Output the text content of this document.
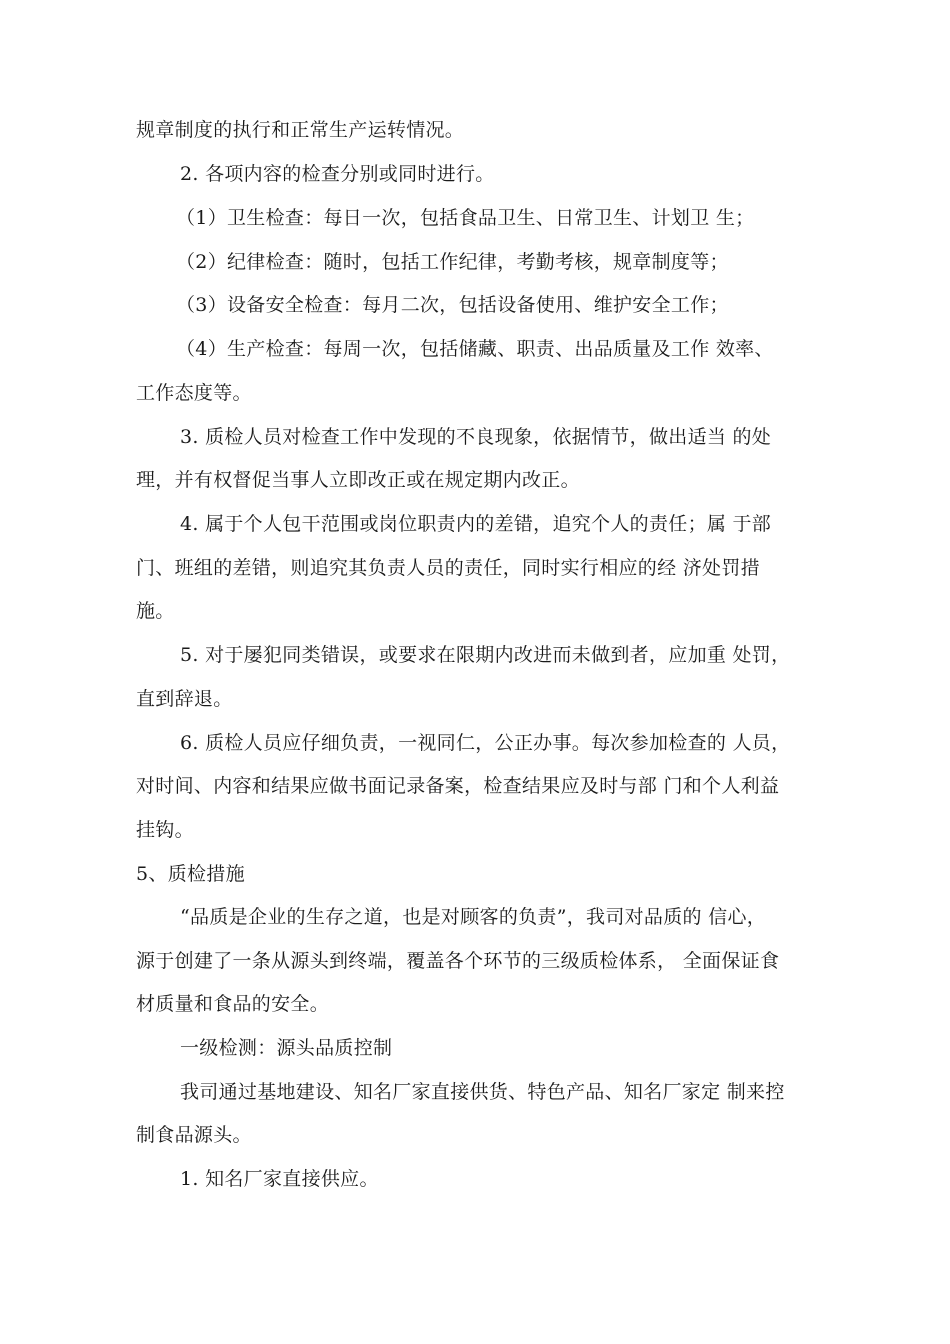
规章制度的执行和正常生产运转情况。
2. 各项内容的检查分别或同时进行。
（1）卫生检查：每日一次，包括食品卫生、日常卫生、计划卫 生；
（2）纪律检查：随时，包括工作纪律，考勤考核，规章制度等；
（3）设备安全检查：每月二次，包括设备使用、维护安全工作；
（4）生产检查：每周一次，包括储藏、职责、出品质量及工作 效率、
工作态度等。
3. 质检人员对检查工作中发现的不良现象，依据情节，做出适当 的处
理，并有权督促当事人立即改正或在规定期内改正。
4. 属于个人包干范围或岗位职责内的差错，追究个人的责任；属 于部
门、班组的差错，则追究其负责人员的责任，同时实行相应的经 济处罚措
施。
5. 对于屡犯同类错误，或要求在限期内改进而未做到者，应加重 处罚，
直到辞退。
6. 质检人员应仔细负责，一视同仁，公正办事。每次参加检查的 人员，
对时间、内容和结果应做书面记录备案，检查结果应及时与部 门和个人利益
挂钩。
5、质检措施
“品质是企业的生存之道，也是对顾客的负责”，我司对品质的 信心，
源于创建了一条从源头到终端，覆盖各个环节的三级质检体系， 全面保证食
材质量和食品的安全。
一级检测：源头品质控制
我司通过基地建设、知名厂家直接供货、特色产品、知名厂家定 制来控
制食品源头。
1. 知名厂家直接供应。
